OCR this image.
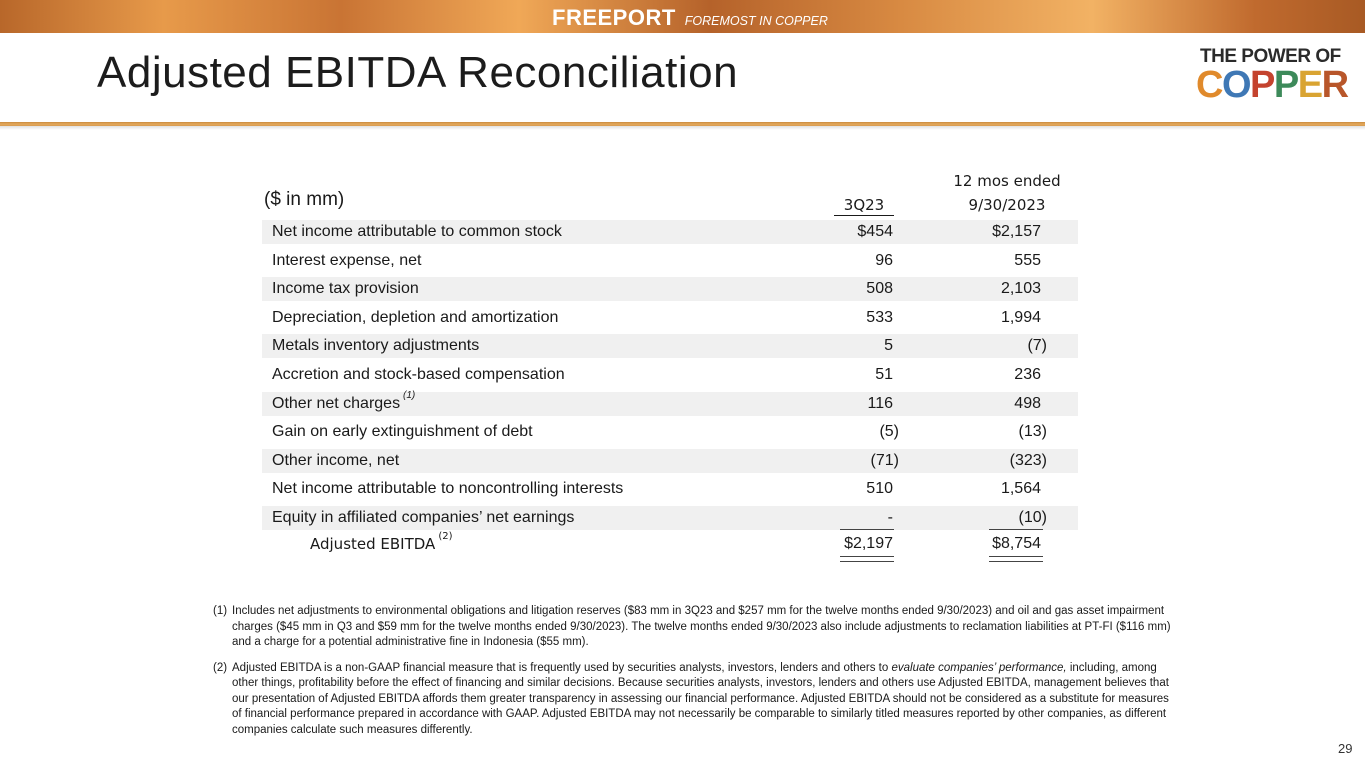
FREEPORT FOREMOST IN COPPER
Adjusted EBITDA Reconciliation	THE POWER OF
COPPER
($ in mm)	3Q23
12 mos ended
9/30/2023
Net income attributable to common stock	$454	$2,157
Interest expense, net	96	555
Income tax provision	508	2,103
Depreciation, depletion and amortization	533	1,994
Metals inventory adjustments	5	(7)
Accretion and stock-based compensation	51	236
Other net charges (1)	116	498
Gain on early extinguishment of debt	(5)	(13)
Other income, net	(71)	(323)
Net income attributable to noncontrolling interests	510	1,564
Equity in affiliated companies’ net earnings	-	(10)
Adjusted EBITDA $^{(2)}$	$2,197	$8,754
(1) Includes net adjustments to environmental obligations and litigation reserves ($83 mm in 3Q23 and $257 mm for the twelve months ended 9/30/2023) and oil and gas asset impairment charges ($45 mm in Q3 and $59 mm for the twelve months ended 9/30/2023). The twelve months ended 9/30/2023 also include adjustments to reclamation liabilities at PT-FI ($116 mm) and a charge for a potential administrative fine in Indonesia ($55 mm).
(2) Adjusted EBITDA is a non-GAAP financial measure that is frequently used by securities analysts, investors, lenders and others to evaluate companies’ performance, including, among other things, profitability before the effect of financing and similar decisions. Because securities analysts, investors, lenders and others use Adjusted EBITDA, management believes that our presentation of Adjusted EBITDA affords them greater transparency in assessing our financial performance. Adjusted EBITDA should not be considered as a substitute for measures of financial performance prepared in accordance with GAAP. Adjusted EBITDA may not necessarily be comparable to similarly titled measures reported by other companies, as different companies calculate such measures differently.
29
